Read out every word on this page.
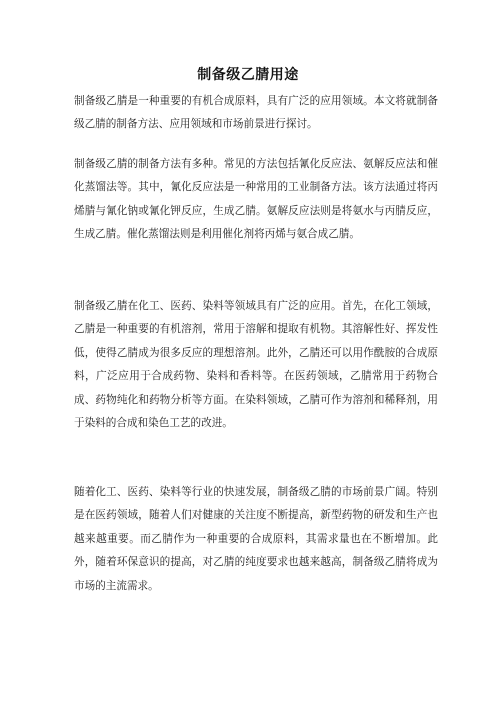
制备级乙腈用途

制备级乙腈是一种重要的有机合成原料，具有广泛的应用领域。本文将就制备级乙腈的制备方法、应用领域和市场前景进行探讨。

制备级乙腈的制备方法有多种。常见的方法包括氰化反应法、氨解反应法和催化蒸馏法等。其中，氰化反应法是一种常用的工业制备方法。该方法通过将丙烯腈与氰化钠或氰化钾反应，生成乙腈。氨解反应法则是将氨水与丙腈反应，生成乙腈。催化蒸馏法则是利用催化剂将丙烯与氨合成乙腈。

制备级乙腈在化工、医药、染料等领域具有广泛的应用。首先，在化工领域，乙腈是一种重要的有机溶剂，常用于溶解和提取有机物。其溶解性好、挥发性低，使得乙腈成为很多反应的理想溶剂。此外，乙腈还可以用作酰胺的合成原料，广泛应用于合成药物、染料和香料等。在医药领域，乙腈常用于药物合成、药物纯化和药物分析等方面。在染料领域，乙腈可作为溶剂和稀释剂，用于染料的合成和染色工艺的改进。

随着化工、医药、染料等行业的快速发展，制备级乙腈的市场前景广阔。特别是在医药领域，随着人们对健康的关注度不断提高，新型药物的研发和生产也越来越重要。而乙腈作为一种重要的合成原料，其需求量也在不断增加。此外，随着环保意识的提高，对乙腈的纯度要求也越来越高，制备级乙腈将成为市场的主流需求。
